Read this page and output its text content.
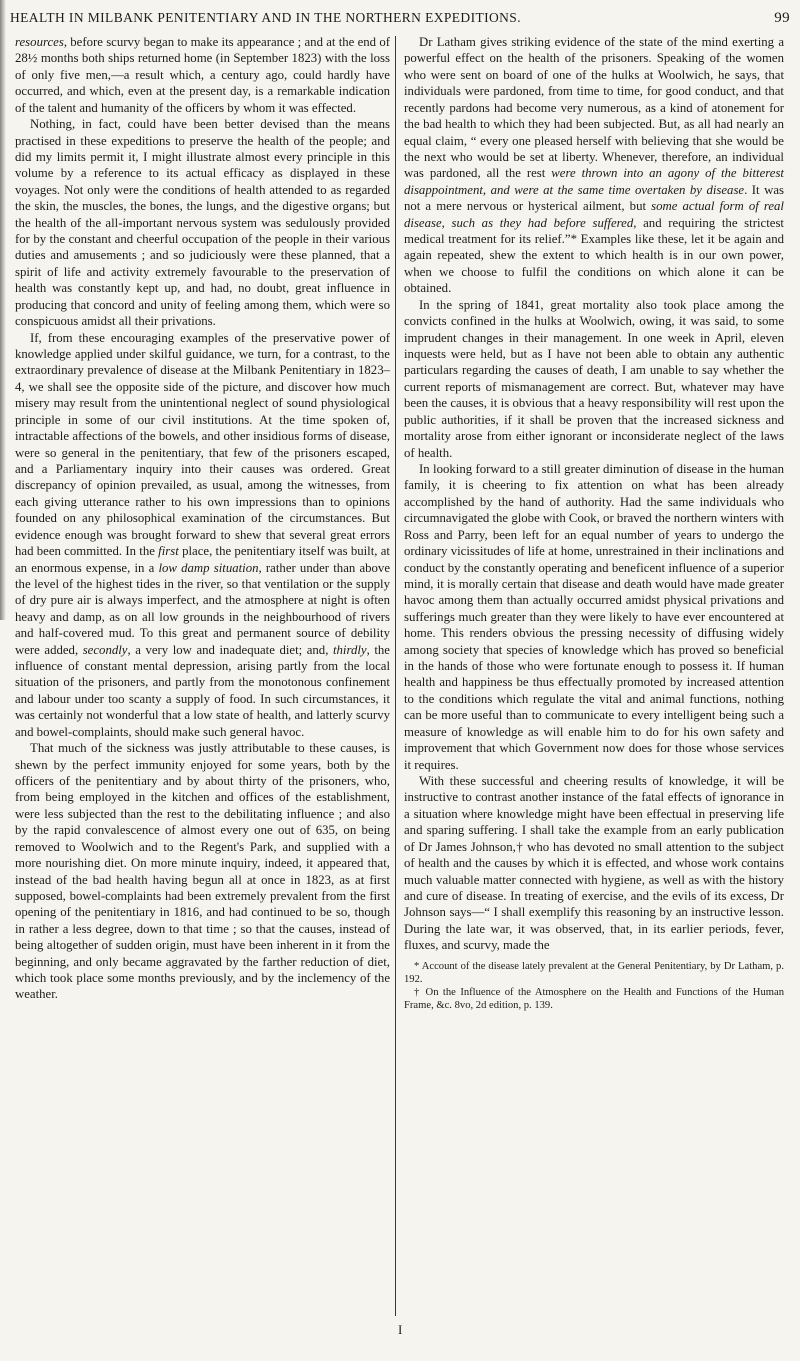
HEALTH IN MILBANK PENITENTIARY AND IN THE NORTHERN EXPEDITIONS.	99

resources, before scurvy began to make its appearance ; and at the end of 28½ months both ships returned home (in September 1823) with the loss of only five men,—a result which, a century ago, could hardly have occurred, and which, even at the present day, is a remarkable indication of the talent and humanity of the officers by whom it was effected.

Nothing, in fact, could have been better devised than the means practised in these expeditions to preserve the health of the people; and did my limits permit it, I might illustrate almost every principle in this volume by a reference to its actual efficacy as displayed in these voyages. Not only were the conditions of health attended to as regarded the skin, the muscles, the bones, the lungs, and the digestive organs; but the health of the all-important nervous system was sedulously provided for by the constant and cheerful occupation of the people in their various duties and amusements ; and so judiciously were these planned, that a spirit of life and activity extremely favourable to the preservation of health was constantly kept up, and had, no doubt, great influence in producing that concord and unity of feeling among them, which were so conspicuous amidst all their privations.

If, from these encouraging examples of the preservative power of knowledge applied under skilful guidance, we turn, for a contrast, to the extraordinary prevalence of disease at the Milbank Penitentiary in 1823–4, we shall see the opposite side of the picture, and discover how much misery may result from the unintentional neglect of sound physiological principle in some of our civil institutions. At the time spoken of, intractable affections of the bowels, and other insidious forms of disease, were so general in the penitentiary, that few of the prisoners escaped, and a Parliamentary inquiry into their causes was ordered. Great discrepancy of opinion prevailed, as usual, among the witnesses, from each giving utterance rather to his own impressions than to opinions founded on any philosophical examination of the circumstances. But evidence enough was brought forward to shew that several great errors had been committed. In the first place, the penitentiary itself was built, at an enormous expense, in a low damp situation, rather under than above the level of the highest tides in the river, so that ventilation or the supply of dry pure air is always imperfect, and the atmosphere at night is often heavy and damp, as on all low grounds in the neighbourhood of rivers and half-covered mud. To this great and permanent source of debility were added, secondly, a very low and inadequate diet; and, thirdly, the influence of constant mental depression, arising partly from the local situation of the prisoners, and partly from the monotonous confinement and labour under too scanty a supply of food. In such circumstances, it was certainly not wonderful that a low state of health, and latterly scurvy and bowel-complaints, should make such general havoc.

That much of the sickness was justly attributable to these causes, is shewn by the perfect immunity enjoyed for some years, both by the officers of the penitentiary and by about thirty of the prisoners, who, from being employed in the kitchen and offices of the establishment, were less subjected than the rest to the debilitating influence ; and also by the rapid convalescence of almost every one out of 635, on being removed to Woolwich and to the Regent's Park, and supplied with a more nourishing diet. On more minute inquiry, indeed, it appeared that, instead of the bad health having begun all at once in 1823, as at first supposed, bowel-complaints had been extremely prevalent from the first opening of the penitentiary in 1816, and had continued to be so, though in rather a less degree, down to that time ; so that the causes, instead of being altogether of sudden origin, must have been inherent in it from the beginning, and only became aggravated by the farther reduction of diet, which took place some months previously, and by the inclemency of the weather.

Dr Latham gives striking evidence of the state of the mind exerting a powerful effect on the health of the prisoners. Speaking of the women who were sent on board of one of the hulks at Woolwich, he says, that individuals were pardoned, from time to time, for good conduct, and that recently pardons had become very numerous, as a kind of atonement for the bad health to which they had been subjected. But, as all had nearly an equal claim, “ every one pleased herself with believing that she would be the next who would be set at liberty. Whenever, therefore, an individual was pardoned, all the rest were thrown into an agony of the bitterest disappointment, and were at the same time overtaken by disease. It was not a mere nervous or hysterical ailment, but some actual form of real disease, such as they had before suffered, and requiring the strictest medical treatment for its relief.”* Examples like these, let it be again and again repeated, shew the extent to which health is in our own power, when we choose to fulfil the conditions on which alone it can be obtained.

In the spring of 1841, great mortality also took place among the convicts confined in the hulks at Woolwich, owing, it was said, to some imprudent changes in their management. In one week in April, eleven inquests were held, but as I have not been able to obtain any authentic particulars regarding the causes of death, I am unable to say whether the current reports of mismanagement are correct. But, whatever may have been the causes, it is obvious that a heavy responsibility will rest upon the public authorities, if it shall be proven that the increased sickness and mortality arose from either ignorant or inconsiderate neglect of the laws of health.

In looking forward to a still greater diminution of disease in the human family, it is cheering to fix attention on what has been already accomplished by the hand of authority. Had the same individuals who circumnavigated the globe with Cook, or braved the northern winters with Ross and Parry, been left for an equal number of years to undergo the ordinary vicissitudes of life at home, unrestrained in their inclinations and conduct by the constantly operating and beneficent influence of a superior mind, it is morally certain that disease and death would have made greater havoc among them than actually occurred amidst physical privations and sufferings much greater than they were likely to have ever encountered at home. This renders obvious the pressing necessity of diffusing widely among society that species of knowledge which has proved so beneficial in the hands of those who were fortunate enough to possess it. If human health and happiness be thus effectually promoted by increased attention to the conditions which regulate the vital and animal functions, nothing can be more useful than to communicate to every intelligent being such a measure of knowledge as will enable him to do for his own safety and improvement that which Government now does for those whose services it requires.

With these successful and cheering results of knowledge, it will be instructive to contrast another instance of the fatal effects of ignorance in a situation where knowledge might have been effectual in preserving life and sparing suffering. I shall take the example from an early publication of Dr James Johnson,† who has devoted no small attention to the subject of health and the causes by which it is effected, and whose work contains much valuable matter connected with hygiene, as well as with the history and cure of disease. In treating of exercise, and the evils of its excess, Dr Johnson says—“ I shall exemplify this reasoning by an instructive lesson. During the late war, it was observed, that, in its earlier periods, fever, fluxes, and scurvy, made the

* Account of the disease lately prevalent at the General Penitentiary, by Dr Latham, p. 192.

† On the Influence of the Atmosphere on the Health and Functions of the Human Frame, &c. 8vo, 2d edition, p. 139.

I
